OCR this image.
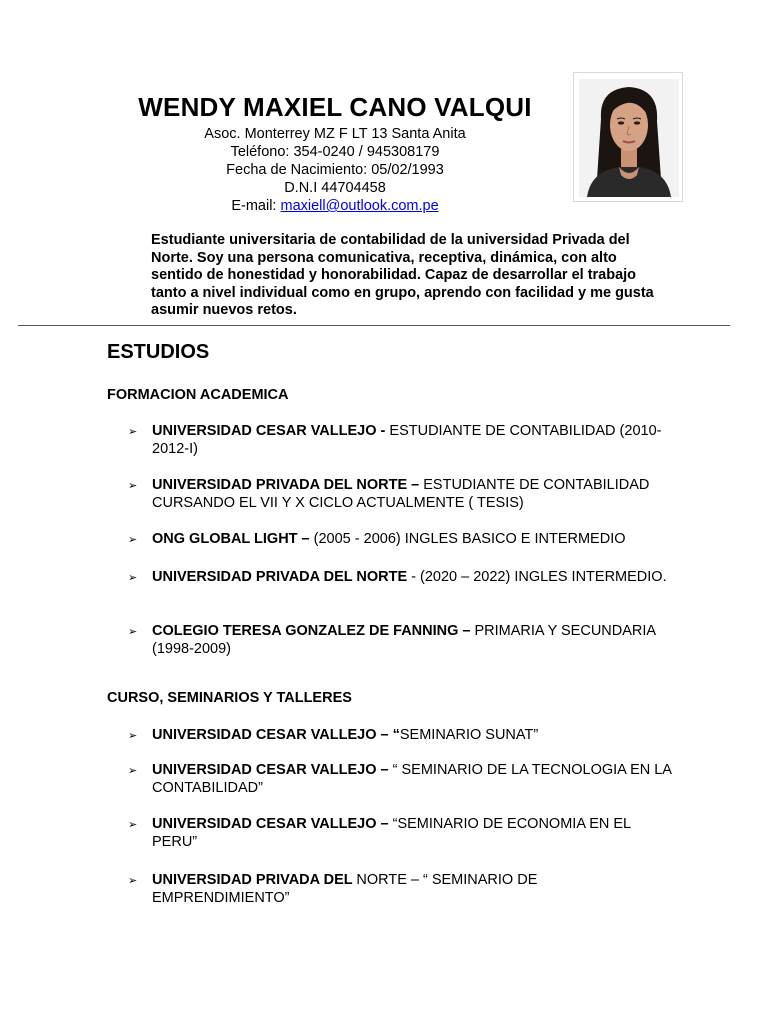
WENDY MAXIEL CANO VALQUI
Asoc. Monterrey MZ F LT 13 Santa Anita
Teléfono: 354-0240 / 945308179
Fecha de Nacimiento: 05/02/1993
D.N.I 44704458
E-mail: maxiell@outlook.com.pe
Estudiante universitaria de contabilidad de la universidad Privada del Norte. Soy una persona comunicativa, receptiva, dinámica, con alto sentido de honestidad y honorabilidad. Capaz de desarrollar el trabajo tanto a nivel individual como en grupo, aprendo con facilidad y me gusta asumir nuevos retos.
ESTUDIOS
FORMACION ACADEMICA
➢	UNIVERSIDAD CESAR VALLEJO - ESTUDIANTE DE CONTABILIDAD (2010-2012-I)
➢	UNIVERSIDAD PRIVADA DEL NORTE – ESTUDIANTE DE CONTABILIDAD CURSANDO EL VII Y X CICLO ACTUALMENTE ( TESIS)
➢	ONG GLOBAL LIGHT – (2005 - 2006) INGLES BASICO E INTERMEDIO
➢	UNIVERSIDAD PRIVADA DEL NORTE - (2020 – 2022) INGLES INTERMEDIO.
➢	COLEGIO TERESA GONZALEZ DE FANNING – PRIMARIA Y SECUNDARIA (1998-2009)
CURSO, SEMINARIOS Y TALLERES
➢	UNIVERSIDAD CESAR VALLEJO – “SEMINARIO SUNAT”
➢	UNIVERSIDAD CESAR VALLEJO – “ SEMINARIO DE LA TECNOLOGIA EN LA CONTABILIDAD”
➢	UNIVERSIDAD CESAR VALLEJO – “SEMINARIO DE ECONOMIA EN EL PERU”
➢	UNIVERSIDAD PRIVADA DEL NORTE – “ SEMINARIO DE EMPRENDIMIENTO”
